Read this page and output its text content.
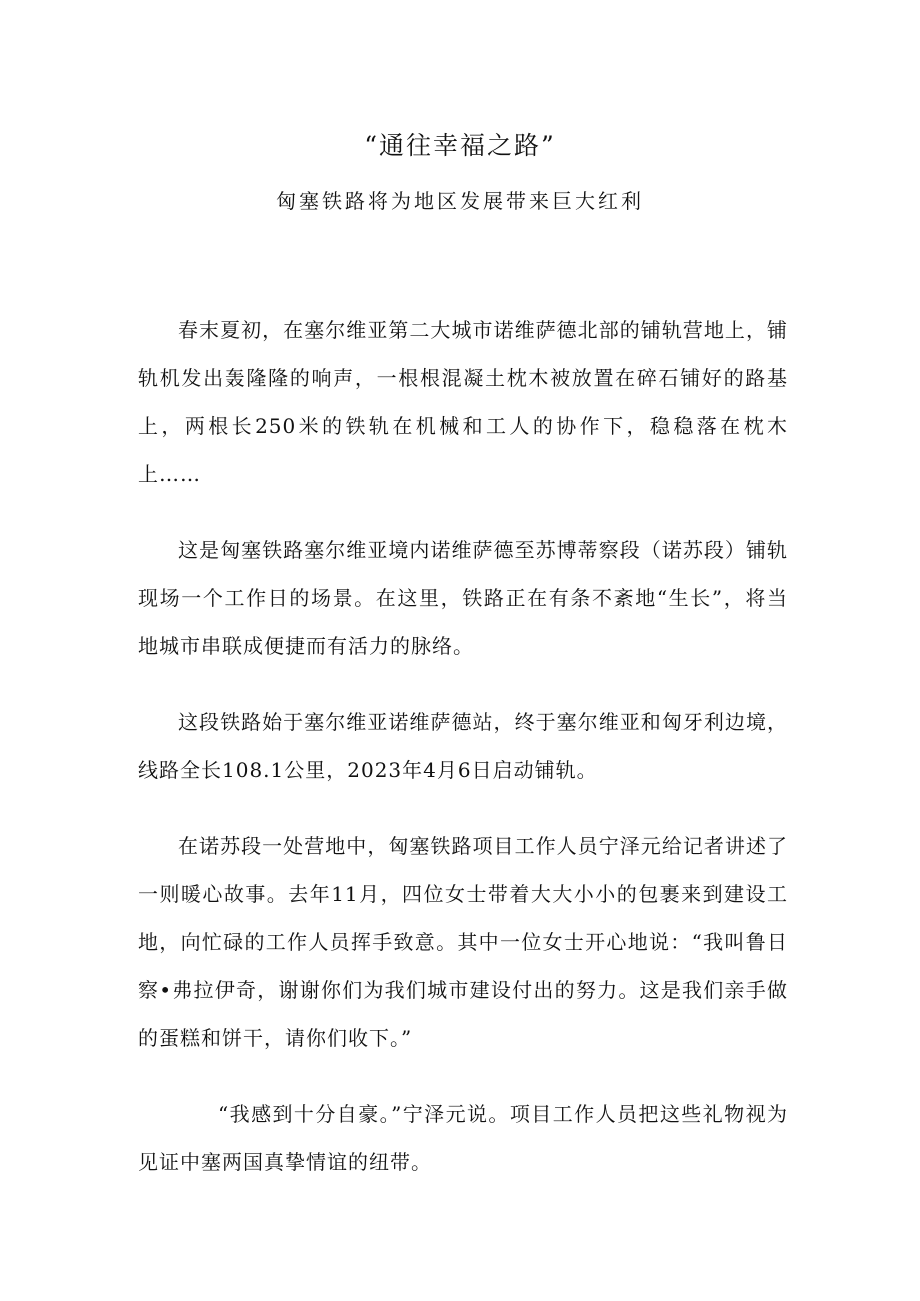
“通往幸福之路”
匈塞铁路将为地区发展带来巨大红利

春末夏初，在塞尔维亚第二大城市诺维萨德北部的铺轨营地上，铺轨机发出轰隆隆的响声，一根根混凝土枕木被放置在碎石铺好的路基上，两根长250米的铁轨在机械和工人的协作下，稳稳落在枕木上……

这是匈塞铁路塞尔维亚境内诺维萨德至苏博蒂察段（诺苏段）铺轨现场一个工作日的场景。在这里，铁路正在有条不紊地“生长”，将当地城市串联成便捷而有活力的脉络。

这段铁路始于塞尔维亚诺维萨德站，终于塞尔维亚和匈牙利边境，线路全长108.1公里，2023年4月6日启动铺轨。

在诺苏段一处营地中，匈塞铁路项目工作人员宁泽元给记者讲述了一则暖心故事。去年11月，四位女士带着大大小小的包裹来到建设工地，向忙碌的工作人员挥手致意。其中一位女士开心地说：“我叫鲁日察•弗拉伊奇，谢谢你们为我们城市建设付出的努力。这是我们亲手做的蛋糕和饼干，请你们收下。”

“我感到十分自豪。”宁泽元说。项目工作人员把这些礼物视为见证中塞两国真挚情谊的纽带。
